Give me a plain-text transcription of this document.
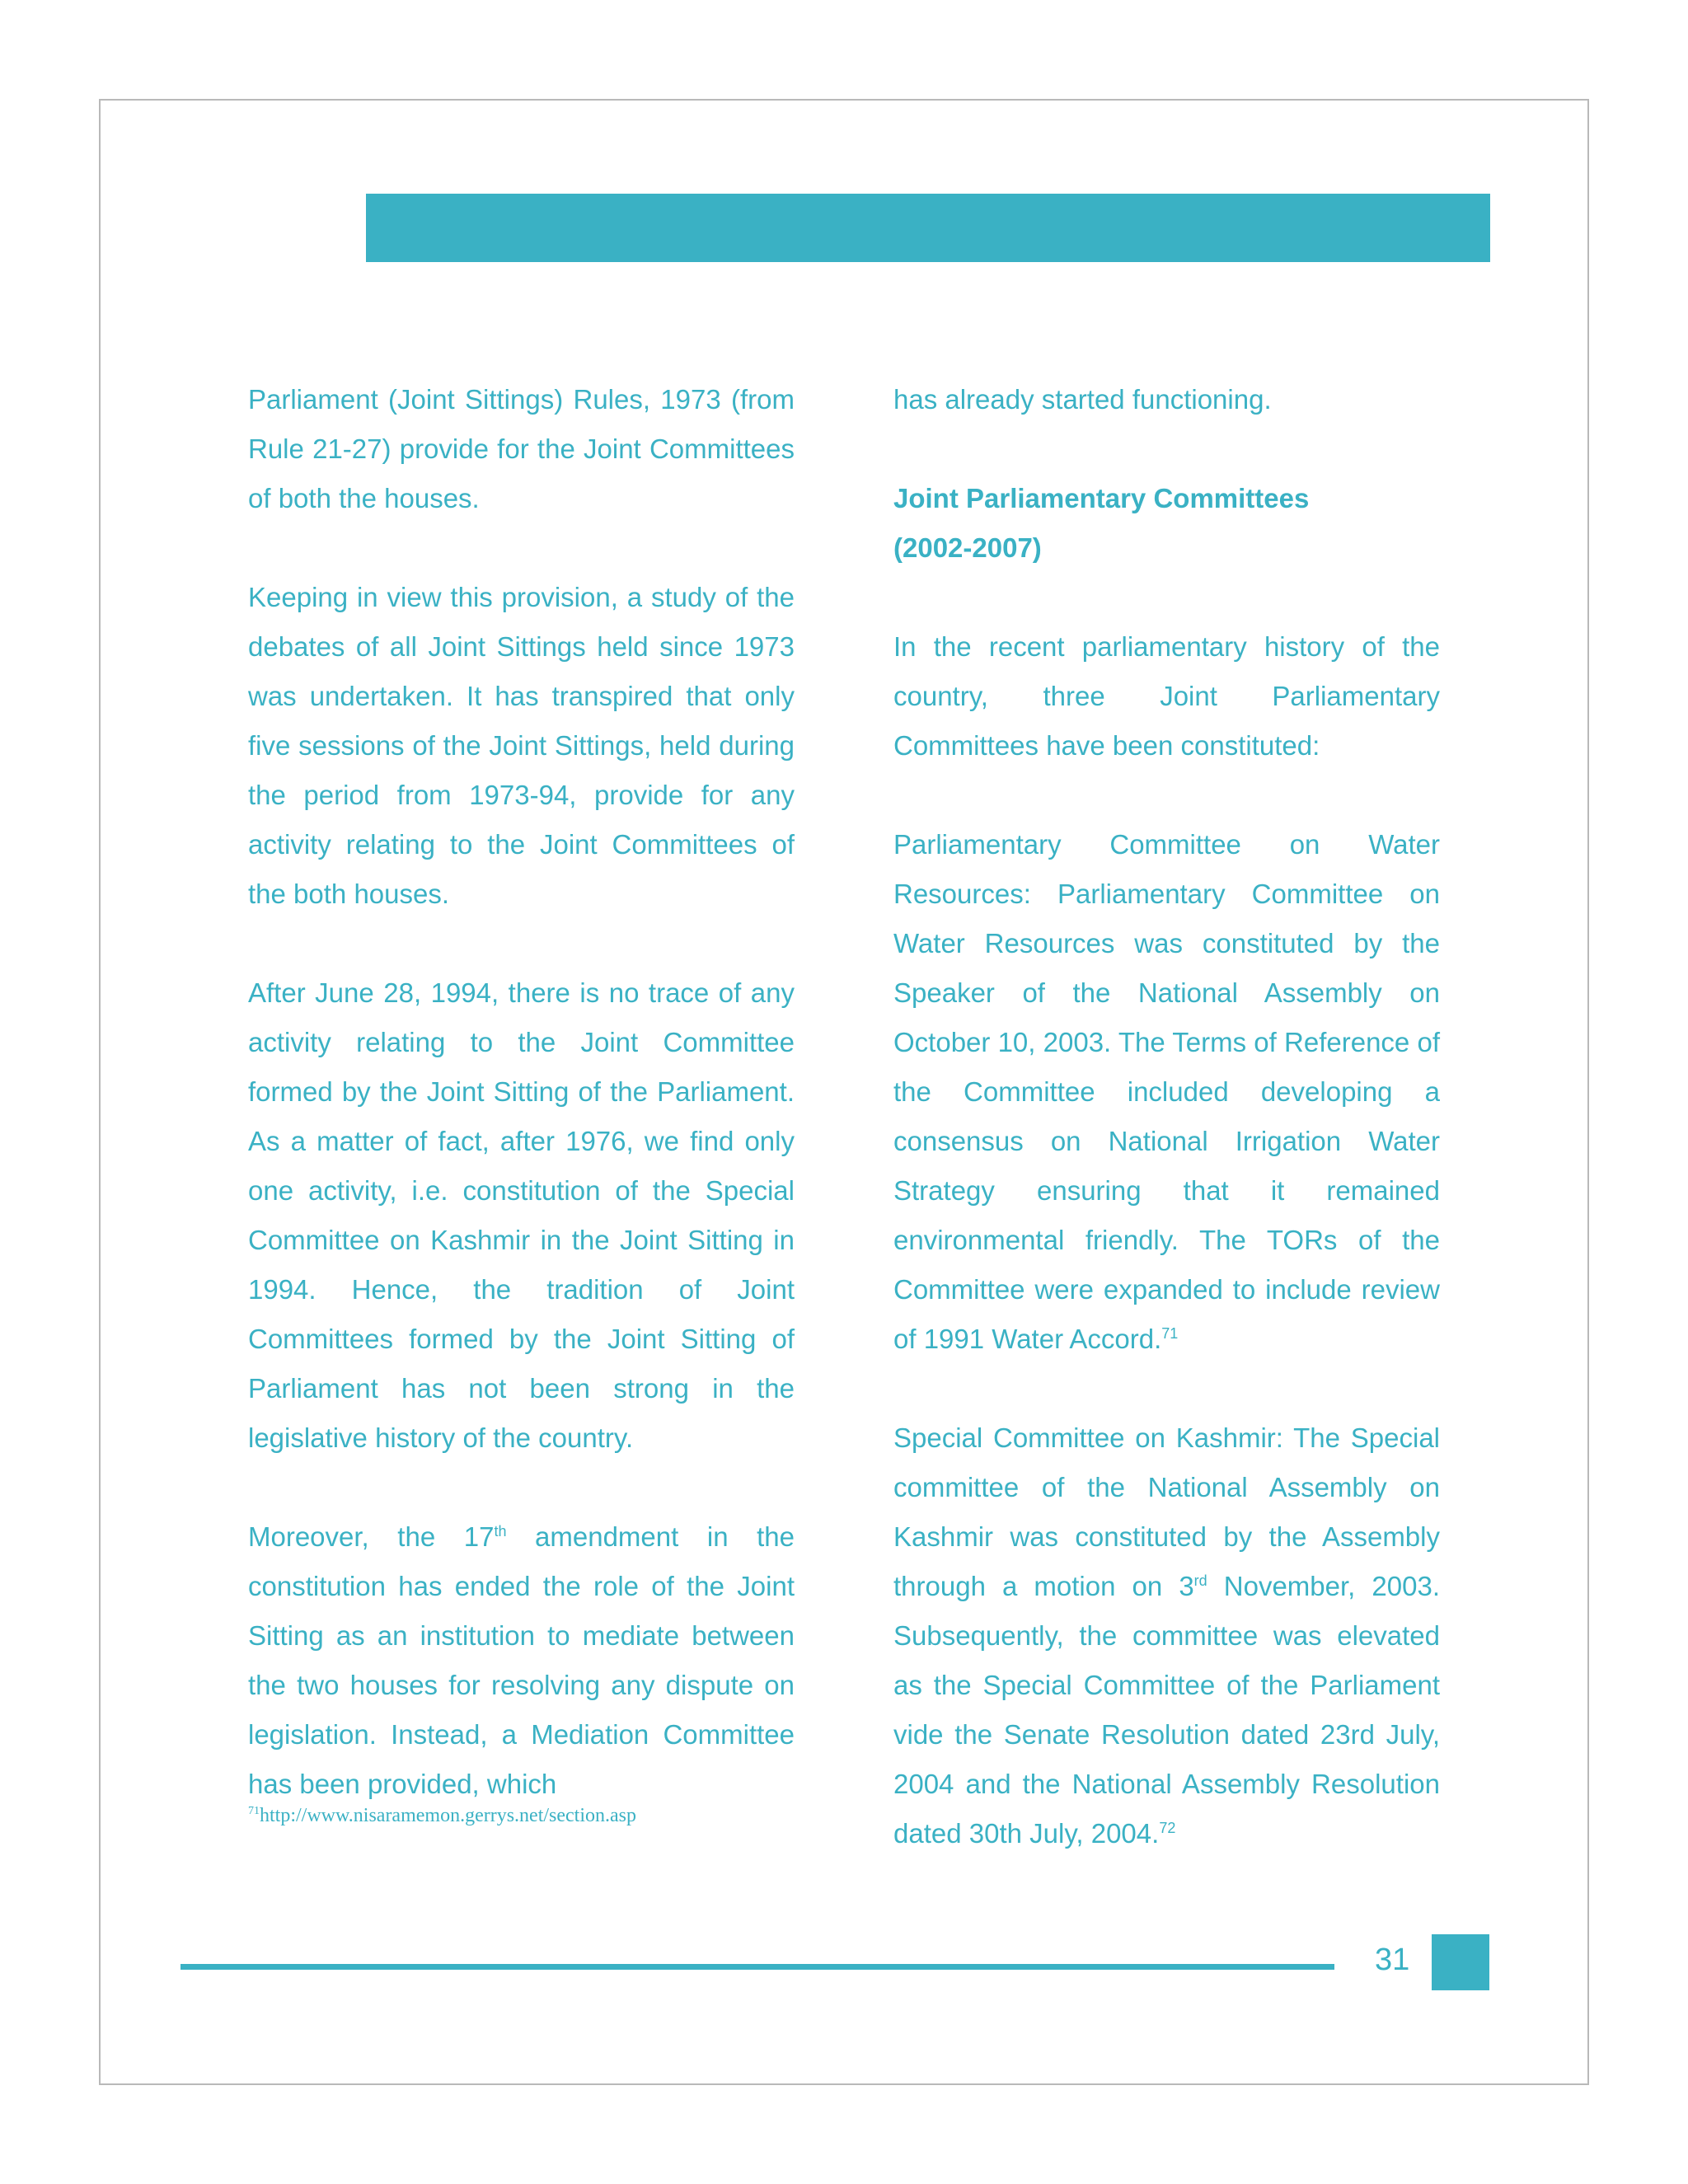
Parliament (Joint Sittings) Rules, 1973 (from Rule 21-27) provide for the Joint Committees of both the houses.

Keeping in view this provision, a study of the debates of all Joint Sittings held since 1973 was undertaken. It has transpired that only five sessions of the Joint Sittings, held during the period from 1973-94, provide for any activity relating to the Joint Committees of the both houses.

After June 28, 1994, there is no trace of any activity relating to the Joint Committee formed by the Joint Sitting of the Parliament. As a matter of fact, after 1976, we find only one activity, i.e. constitution of the Special Committee on Kashmir in the Joint Sitting in 1994. Hence, the tradition of Joint Committees formed by the Joint Sitting of Parliament has not been strong in the legislative history of the country.

Moreover, the 17th amendment in the constitution has ended the role of the Joint Sitting as an institution to mediate between the two houses for resolving any dispute on legislation. Instead, a Mediation Committee has been provided, which

has already started functioning.

Joint Parliamentary Committees
(2002-2007)

In the recent parliamentary history of the country, three Joint Parliamentary Committees have been constituted:

Parliamentary Committee on Water Resources: Parliamentary Committee on Water Resources was constituted by the Speaker of the National Assembly on October 10, 2003. The Terms of Reference of the Committee included developing a consensus on National Irrigation Water Strategy ensuring that it remained environmental friendly. The TORs of the Committee were expanded to include review of 1991 Water Accord.$^{71}$

Special Committee on Kashmir: The Special committee of the National Assembly on Kashmir was constituted by the Assembly through a motion on 3rd November, 2003. Subsequently, the committee was elevated as the Special Committee of the Parliament vide the Senate Resolution dated 23rd July, 2004 and the National Assembly Resolution dated 30th July, 2004.72

$^{71}$http://www.nisaramemon.gerrys.net/section.asp
31
